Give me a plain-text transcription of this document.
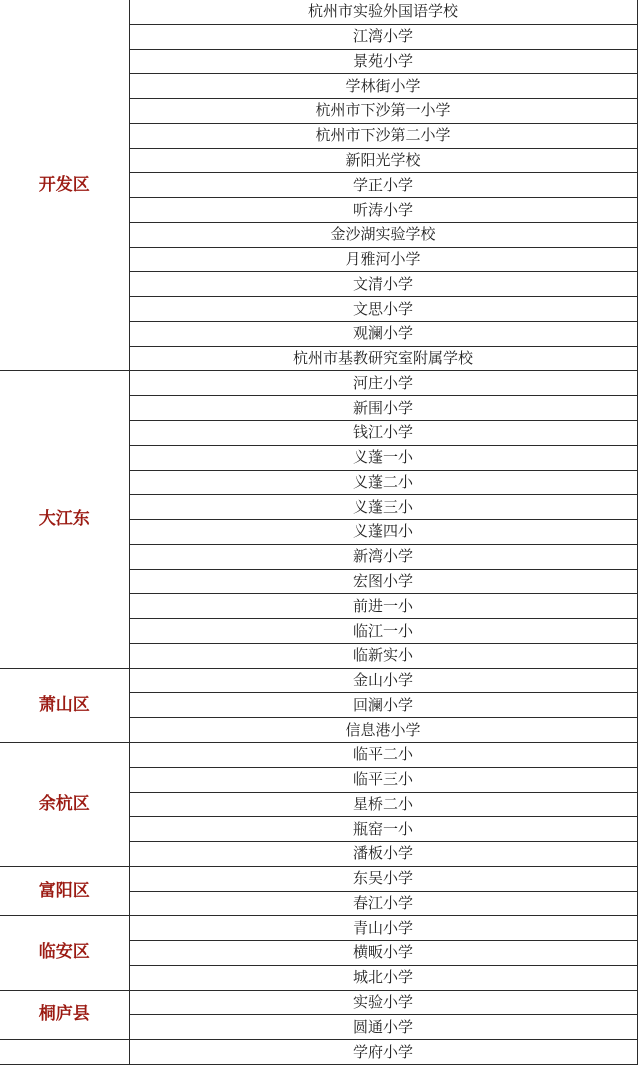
开发区	杭州市实验外国语学校
	江湾小学
	景苑小学
	学林街小学
	杭州市下沙第一小学
	杭州市下沙第二小学
	新阳光学校
	学正小学
	听涛小学
	金沙湖实验学校
	月雅河小学
	文清小学
	文思小学
	观澜小学
	杭州市基教研究室附属学校
大江东	河庄小学
	新围小学
	钱江小学
	义蓬一小
	义蓬二小
	义蓬三小
	义蓬四小
	新湾小学
	宏图小学
	前进一小
	临江一小
	临新实小
萧山区	金山小学
	回澜小学
	信息港小学
余杭区	临平二小
	临平三小
	星桥二小
	瓶窑一小
	潘板小学
富阳区	东吴小学
	春江小学
临安区	青山小学
	横畈小学
	城北小学
桐庐县	实验小学
	圆通小学
	学府小学
